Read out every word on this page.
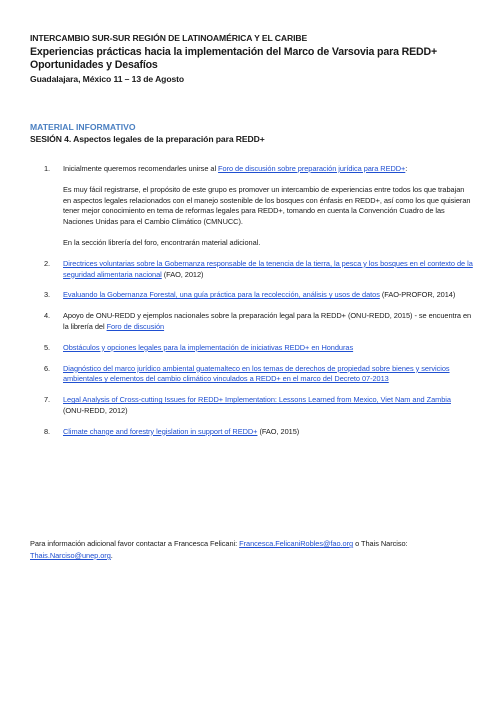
INTERCAMBIO SUR-SUR REGIÓN DE LATINOAMÉRICA Y EL CARIBE
Experiencias prácticas hacia la implementación del Marco de Varsovia para REDD+
Oportunidades y Desafíos
Guadalajara, México 11 – 13 de Agosto
MATERIAL INFORMATIVO
SESIÓN 4. Aspectos legales de la preparación para REDD+
1. Inicialmente queremos recomendarles unirse al Foro de discusión sobre preparación jurídica para REDD+:

Es muy fácil registrarse, el propósito de este grupo es promover un intercambio de experiencias entre todos los que trabajan en aspectos legales relacionados con el manejo sostenible de los bosques con énfasis en REDD+, así como los que quisieran tener mejor conocimiento en tema de reformas legales para REDD+, tomando en cuenta la Convención Cuadro de las Naciones Unidas para el Cambio Climático (CMNUCC).

En la sección librería del foro, encontrarán material adicional.

2. Directrices voluntarias sobre la Gobernanza responsable de la tenencia de la tierra, la pesca y los bosques en el contexto de la seguridad alimentaria nacional (FAO, 2012)

3. Evaluando la Gobernanza Forestal, una guía práctica para la recolección, análisis y usos de datos (FAO-PROFOR, 2014)

4. Apoyo de ONU-REDD y ejemplos nacionales sobre la preparación legal para la REDD+ (ONU-REDD, 2015) - se encuentra en la librería del Foro de discusión

5. Obstáculos y opciones legales para la implementación de iniciativas REDD+ en Honduras

6. Diagnóstico del marco jurídico ambiental guatemalteco en los temas de derechos de propiedad sobre bienes y servicios ambientales y elementos del cambio climático vinculados a REDD+ en el marco del Decreto 07-2013

7. Legal Analysis of Cross-cutting Issues for REDD+ Implementation: Lessons Learned from Mexico, Viet Nam and Zambia (ONU-REDD, 2012)

8. Climate change and forestry legislation in support of REDD+ (FAO, 2015)

Para información adicional favor contactar a Francesca Felicani: Francesca.FelicaniRobles@fao.org o Thais Narciso: Thais.Narciso@unep.org.
